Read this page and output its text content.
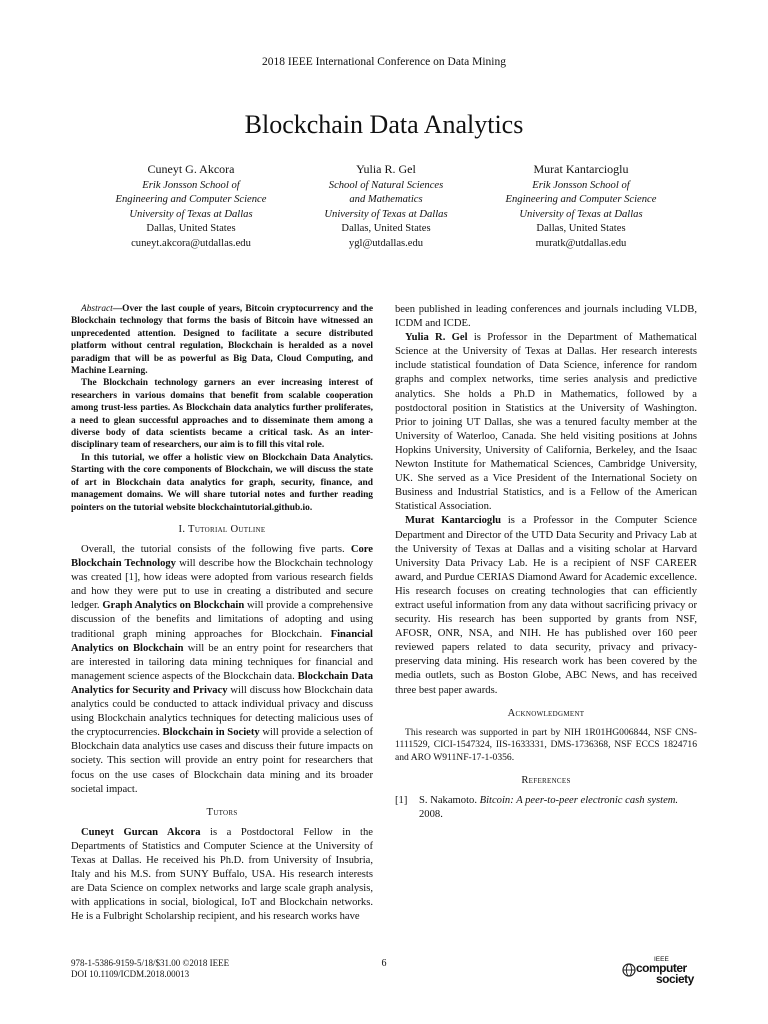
2018 IEEE International Conference on Data Mining
Blockchain Data Analytics
Cuneyt G. Akcora
Erik Jonsson School of
Engineering and Computer Science
University of Texas at Dallas
Dallas, United States
cuneyt.akcora@utdallas.edu
Yulia R. Gel
School of Natural Sciences
and Mathematics
University of Texas at Dallas
Dallas, United States
ygl@utdallas.edu
Murat Kantarcioglu
Erik Jonsson School of
Engineering and Computer Science
University of Texas at Dallas
Dallas, United States
muratk@utdallas.edu

Abstract—Over the last couple of years, Bitcoin cryptocurrency and the Blockchain technology that forms the basis of Bitcoin have witnessed an unprecedented attention. Designed to facilitate a secure distributed platform without central regulation, Blockchain is heralded as a novel paradigm that will be as powerful as Big Data, Cloud Computing, and Machine Learning.

The Blockchain technology garners an ever increasing interest of researchers in various domains that benefit from scalable cooperation among trust-less parties. As Blockchain data analytics further proliferates, a need to glean successful approaches and to disseminate them among a diverse body of data scientists became a critical task. As an inter-disciplinary team of researchers, our aim is to fill this vital role.

In this tutorial, we offer a holistic view on Blockchain Data Analytics. Starting with the core components of Blockchain, we will discuss the state of art in Blockchain data analytics for graph, security, finance, and management domains. We will share tutorial notes and further reading pointers on the tutorial website blockchaintutorial.github.io.

I. Tutorial Outline

Overall, the tutorial consists of the following five parts. Core Blockchain Technology will describe how the Blockchain technology was created [1], how ideas were adopted from various research fields and how they were put to use in creating a distributed and secure ledger. Graph Analytics on Blockchain will provide a comprehensive discussion of the benefits and limitations of adopting and using traditional graph mining approaches for Blockchain. Financial Analytics on Blockchain will be an entry point for researchers that are interested in tailoring data mining techniques for financial and management science aspects of the Blockchain data. Blockchain Data Analytics for Security and Privacy will discuss how Blockchain data analytics could be conducted to attack individual privacy and discuss using Blockchain analytics techniques for detecting malicious uses of the cryptocurrencies. Blockchain in Society will provide a selection of Blockchain data analytics use cases and discuss their future impacts on society. This section will provide an entry point for researchers that focus on the use cases of Blockchain data mining and its broader societal impact.

Tutors

Cuneyt Gurcan Akcora is a Postdoctoral Fellow in the Departments of Statistics and Computer Science at the University of Texas at Dallas. He received his Ph.D. from University of Insubria, Italy and his M.S. from SUNY Buffalo, USA. His research interests are Data Science on complex networks and large scale graph analysis, with applications in social, biological, IoT and Blockchain networks. He is a Fulbright Scholarship recipient, and his research works have

been published in leading conferences and journals including VLDB, ICDM and ICDE.

Yulia R. Gel is Professor in the Department of Mathematical Science at the University of Texas at Dallas. Her research interests include statistical foundation of Data Science, inference for random graphs and complex networks, time series analysis and predictive analytics. She holds a Ph.D in Mathematics, followed by a postdoctoral position in Statistics at the University of Washington. Prior to joining UT Dallas, she was a tenured faculty member at the University of Waterloo, Canada. She held visiting positions at Johns Hopkins University, University of California, Berkeley, and the Isaac Newton Institute for Mathematical Sciences, Cambridge University, UK. She served as a Vice President of the International Society on Business and Industrial Statistics, and is a Fellow of the American Statistical Association.

Murat Kantarcioglu is a Professor in the Computer Science Department and Director of the UTD Data Security and Privacy Lab at the University of Texas at Dallas and a visiting scholar at Harvard University Data Privacy Lab. He is a recipient of NSF CAREER award, and Purdue CERIAS Diamond Award for Academic excellence. His research focuses on creating technologies that can efficiently extract useful information from any data without sacrificing privacy or security. His research has been supported by grants from NSF, AFOSR, ONR, NSA, and NIH. He has published over 160 peer reviewed papers related to data security, privacy and privacy-preserving data mining. His research work has been covered by the media outlets, such as Boston Globe, ABC News, and has received three best paper awards.

Acknowledgment

This research was supported in part by NIH 1R01HG006844, NSF CNS-1111529, CICI-1547324, IIS-1633331, DMS-1736368, NSF ECCS 1824716 and ARO W911NF-17-1-0356.

References
[1]	S. Nakamoto. Bitcoin: A peer-to-peer electronic cash system. 2008.
978-1-5386-9159-5/18/$31.00 ©2018 IEEE
DOI 10.1109/ICDM.2018.00013
6	IEEE
computer
society
